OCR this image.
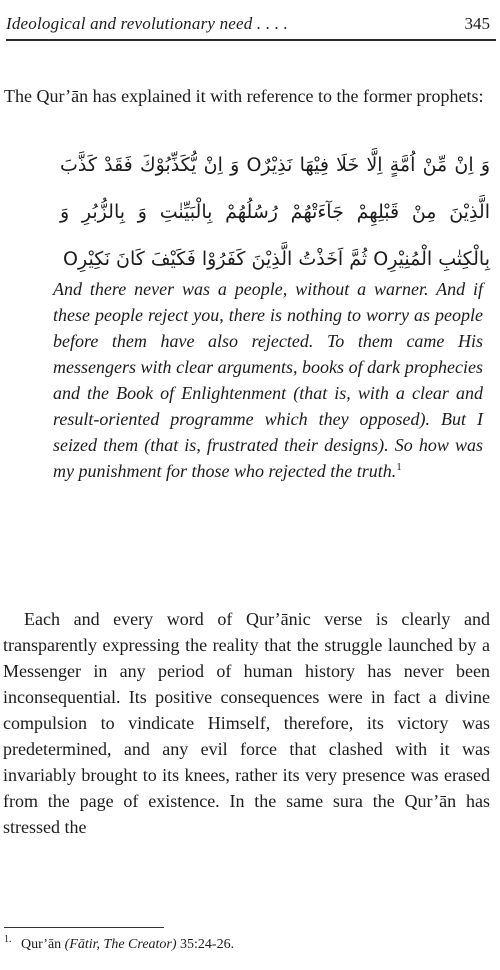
Ideological and revolutionary need . . . .	345

The Qur’ān has explained it with reference to the former prophets:

وَ اِنْ مِّنْ اُمَّةٍ اِلَّا خَلَا فِيْهَا نَذِيْرٌO وَ اِنْ يُّكَذِّبُوْكَ فَقَدْ كَذَّبَ الَّذِيْنَ مِنْ قَبْلِهِمْ جَآءَتْهُمْ رُسُلُهُمْ بِالْبَيِّنٰتِ وَ بِالزُّبُرِ وَ بِالْكِتٰبِ الْمُنِيْرِO ثُمَّ اَخَذْتُ الَّذِيْنَ كَفَرُوْا فَكَيْفَ كَانَ نَكِيْرِO

And there never was a people, without a warner. And if these people reject you, there is nothing to worry as people before them have also rejected. To them came His messengers with clear arguments, books of dark prophecies and the Book of Enlightenment (that is, with a clear and result-oriented programme which they opposed). But I seized them (that is, frustrated their designs). So how was my punishment for those who rejected the truth.$^1$

Each and every word of Qur’ānic verse is clearly and transparently expressing the reality that the struggle launched by a Messenger in any period of human history has never been inconsequential. Its positive consequences were in fact a divine compulsion to vindicate Himself, therefore, its victory was predetermined, and any evil force that clashed with it was invariably brought to its knees, rather its very presence was erased from the page of existence. In the same sura the Qur’ān has stressed the

$^{1.}$ Qur’ān (Fātir, The Creator) 35:24-26.
